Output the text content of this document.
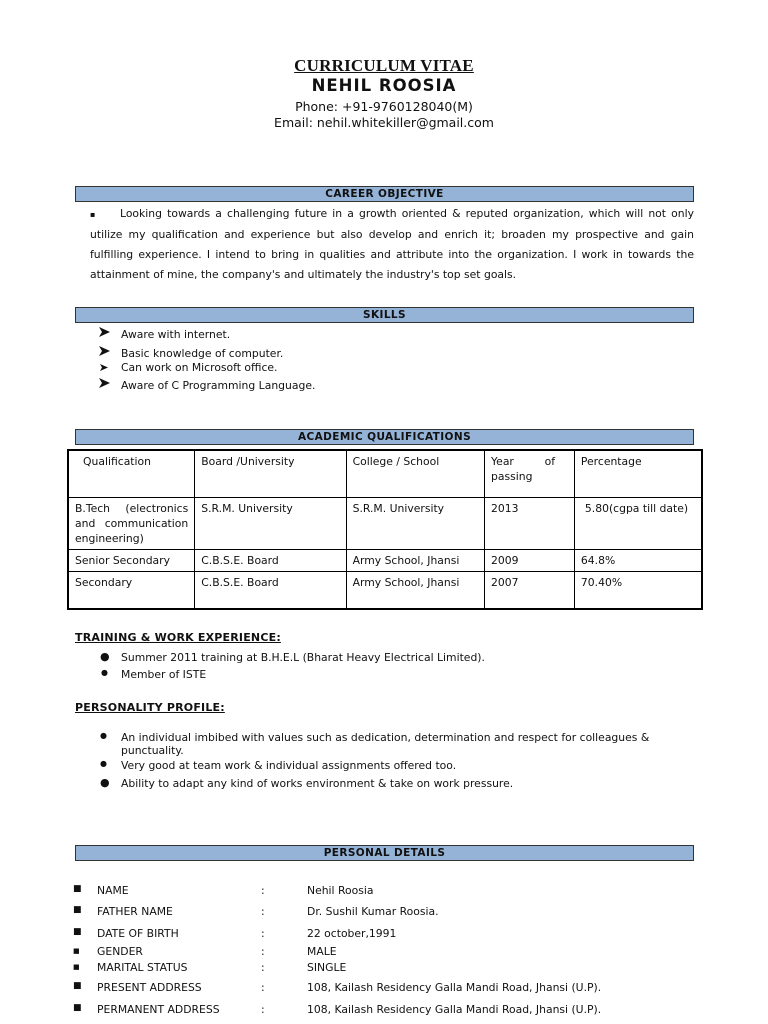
CURRICULUM VITAE
NEHIL ROOSIA
Phone: +91-9760128040(M)
Email: nehil.whitekiller@gmail.com
CAREER OBJECTIVE
▪ Looking towards a challenging future in a growth oriented & reputed organization, which will not only utilize my qualification and experience but also develop and enrich it; broaden my prospective and gain fulfilling experience. I intend to bring in qualities and attribute into the organization. I work in towards the attainment of mine, the company's and ultimately the industry's top set goals.
SKILLS
Aware with internet.
Basic knowledge of computer.
Can work on Microsoft office.
Aware of C Programming Language.
ACADEMIC QUALIFICATIONS
Qualification	Board /University	College / School	Year of passing	Percentage

B.Tech (electronics and communication engineering)	S.R.M. University	S.R.M. University	2013	5.80(cgpa till date)
Senior Secondary	C.B.S.E. Board	Army School, Jhansi	2009	64.8%
Secondary	C.B.S.E. Board	Army School, Jhansi	2007	70.40%
TRAINING & WORK EXPERIENCE:
● Summer 2011 training at B.H.E.L (Bharat Heavy Electrical Limited).
● Member of ISTE
PERSONALITY PROFILE:
● An individual imbibed with values such as dedication, determination and respect for colleagues & punctuality.
● Very good at team work & individual assignments offered too.
● Ability to adapt any kind of works environment & take on work pressure.
PERSONAL DETAILS
■ NAME	:	Nehil Roosia
■ FATHER NAME	:	Dr. Sushil Kumar Roosia.
■ DATE OF BIRTH	:	22 october,1991
■ GENDER	:	MALE
■ MARITAL STATUS	:	SINGLE
■ PRESENT ADDRESS	:	108, Kailash Residency Galla Mandi Road, Jhansi (U.P).
■ PERMANENT ADDRESS	:	108, Kailash Residency Galla Mandi Road, Jhansi (U.P).
